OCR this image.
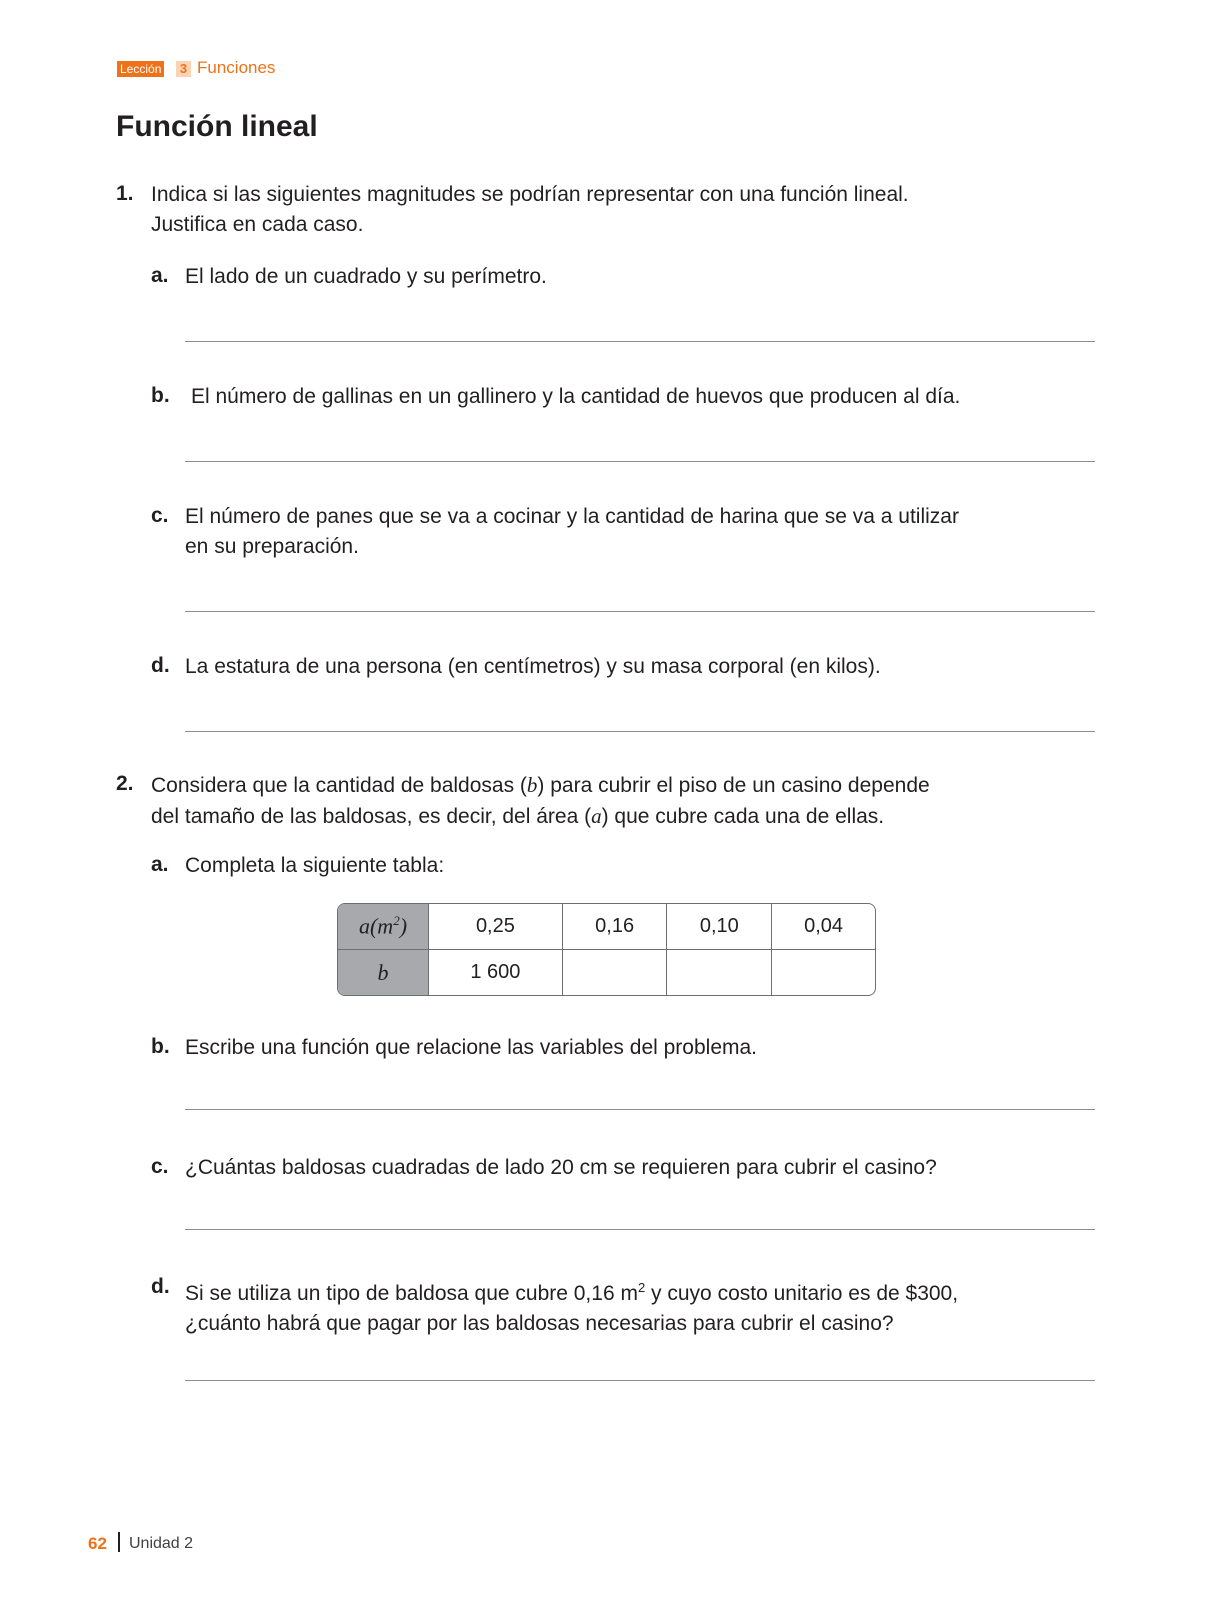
Lección 3 Funciones
Función lineal
1. Indica si las siguientes magnitudes se podrían representar con una función lineal.
Justifica en cada caso.
a. El lado de un cuadrado y su perímetro.
b. El número de gallinas en un gallinero y la cantidad de huevos que producen al día.
c. El número de panes que se va a cocinar y la cantidad de harina que se va a utilizar
en su preparación.
d. La estatura de una persona (en centímetros) y su masa corporal (en kilos).
2. Considera que la cantidad de baldosas (b) para cubrir el piso de un casino depende
del tamaño de las baldosas, es decir, del área (a) que cubre cada una de ellas.
a. Completa la siguiente tabla:
$a(m^2)$	0,25	0,16	0,10	0,04
b	1 600			
b. Escribe una función que relacione las variables del problema.
c. ¿Cuántas baldosas cuadradas de lado 20 cm se requieren para cubrir el casino?
d. Si se utiliza un tipo de baldosa que cubre 0,16 $m^2$ y cuyo costo unitario es de $300,
¿cuánto habrá que pagar por las baldosas necesarias para cubrir el casino?
62 Unidad 2
